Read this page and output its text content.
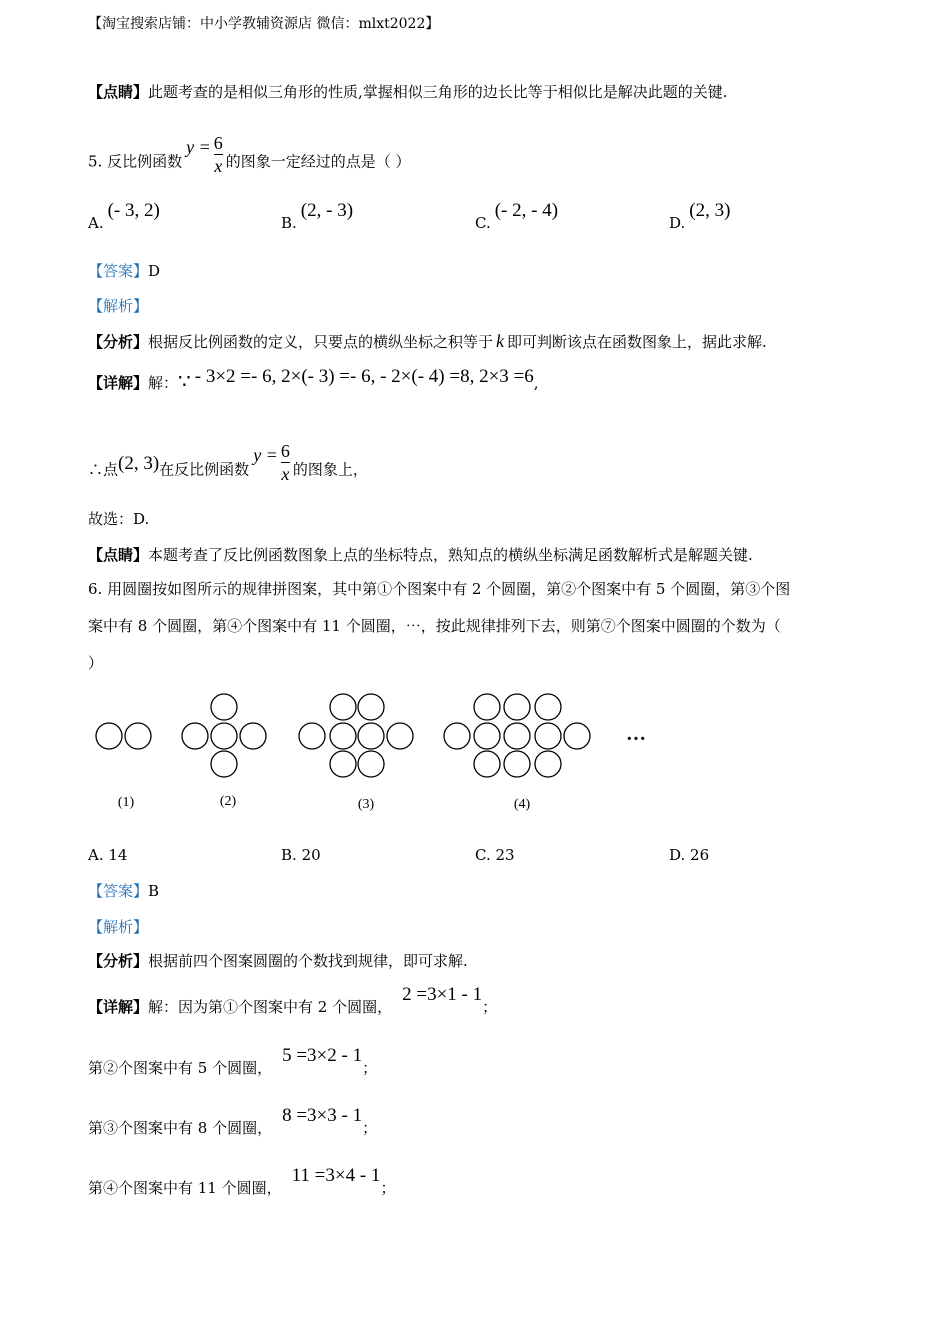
【淘宝搜索店铺：中小学教辅资源店 微信：mlxt2022】
【点睛】此题考查的是相似三角形的性质,掌握相似三角形的边长比等于相似比是解决此题的关键.
5. 反比例函数$y = \frac{6}{x}$ 的图象一定经过的点是（ ）
A.(- 3, 2)
B.(2, - 3)
C.(- 2, - 4)
D.(2, 3)
【答案】D
【解析】
【分析】根据反比例函数的定义，只要点的横纵坐标之积等于 k 即可判断该点在函数图象上，据此求解.
【详解】解：∵ - 3×2 =- 6, 2×(- 3) =- 6, - 2×(- 4) =8, 2×3 =6,
∴点(2, 3)在反比例函数$y = \frac{6}{x}$ 的图象上，
故选：D.
【点睛】本题考查了反比例函数图象上点的坐标特点，熟知点的横纵坐标满足函数解析式是解题关键.
6. 用圆圈按如图所示的规律拼图案，其中第①个图案中有 2 个圆圈，第②个图案中有 5 个圆圈，第③个图
案中有 8 个圆圈，第④个图案中有 11 个圆圈，⋯，按此规律排列下去，则第⑦个图案中圆圈的个数为（
）
(1)	(2)	(3)	(4)
···
A. 14	B. 20	C. 23	D. 26
【答案】B
【解析】
【分析】根据前四个图案圆圈的个数找到规律，即可求解.
【详解】解：因为第①个图案中有 2 个圆圈，2 =3×1 - 1；
第②个图案中有 5 个圆圈，5 =3×2 - 1；
第③个图案中有 8 个圆圈，8 =3×3 - 1；
第④个图案中有 11 个圆圈，11 =3×4 - 1；
